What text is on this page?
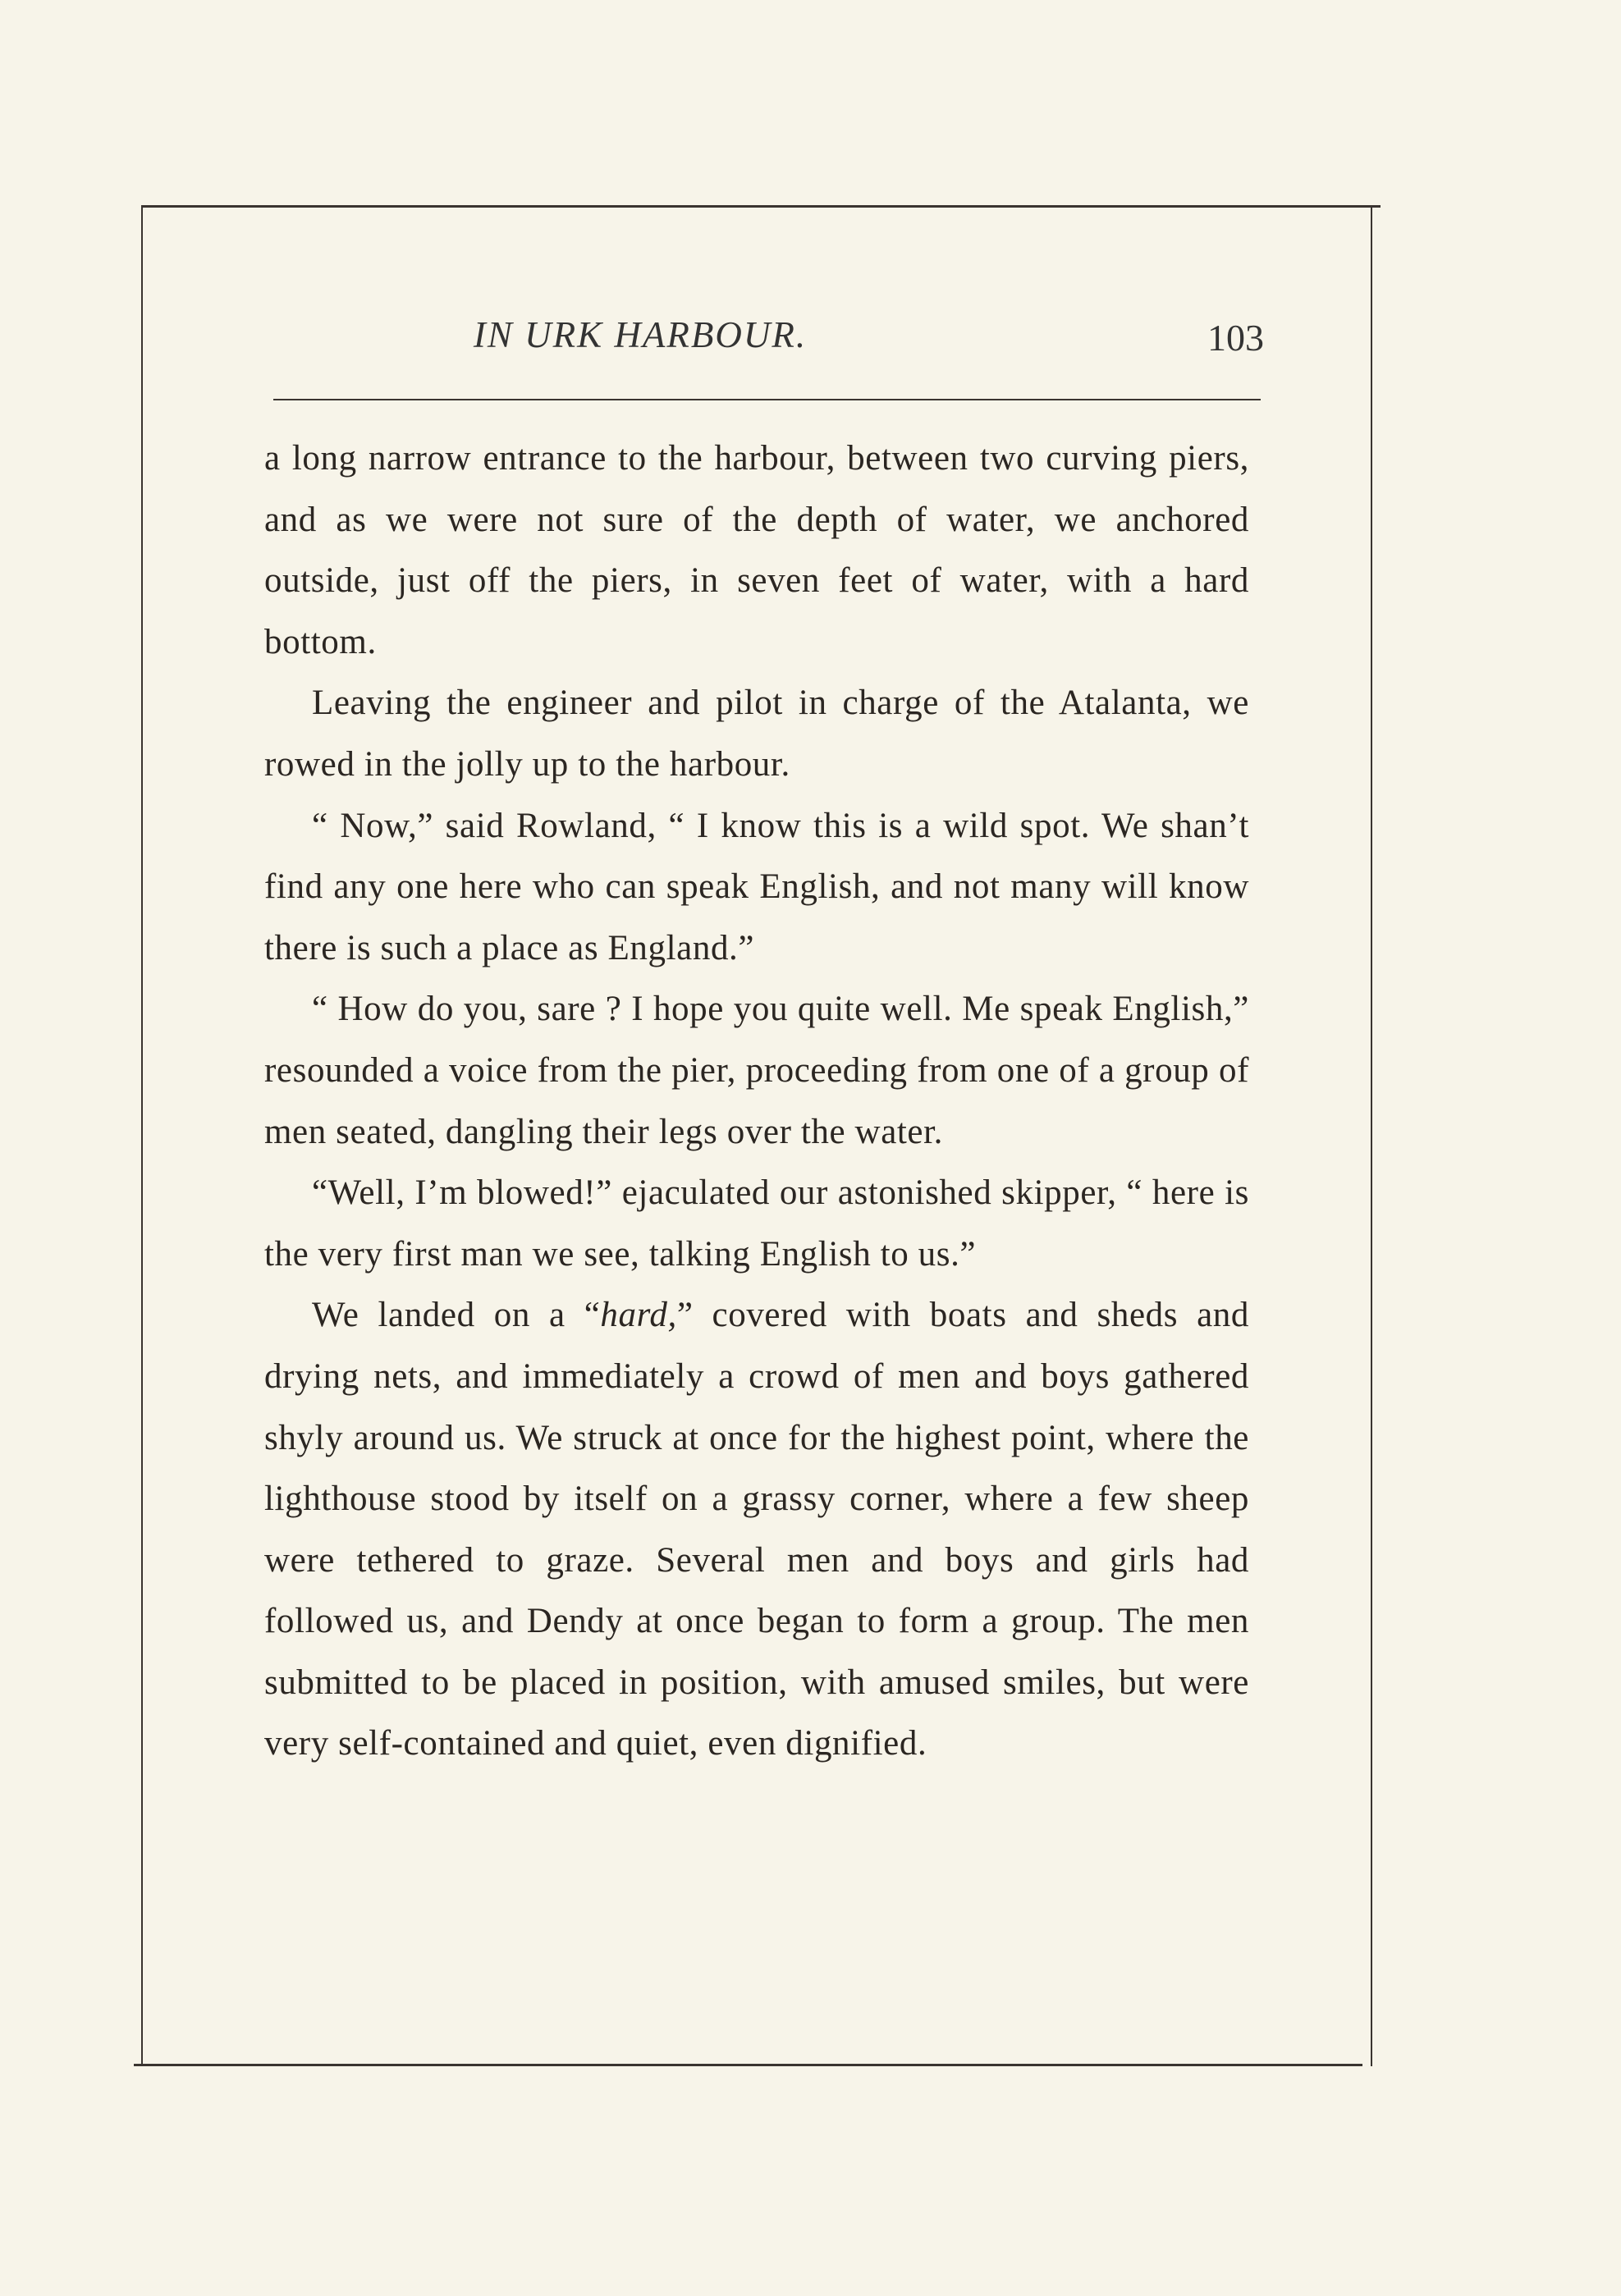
IN URK HARBOUR.	103

a long narrow entrance to the harbour, between two curving piers, and as we were not sure of the depth of water, we anchored outside, just off the piers, in seven feet of water, with a hard bottom.

Leaving the engineer and pilot in charge of the Atalanta, we rowed in the jolly up to the harbour.

“ Now,” said Rowland, “ I know this is a wild spot. We shan’t find any one here who can speak English, and not many will know there is such a place as England.”

“ How do you, sare ? I hope you quite well. Me speak English,” resounded a voice from the pier, proceeding from one of a group of men seated, dangling their legs over the water.

“Well, I’m blowed!” ejaculated our astonished skipper, “ here is the very first man we see, talking English to us.”

We landed on a “hard,” covered with boats and sheds and drying nets, and immediately a crowd of men and boys gathered shyly around us. We struck at once for the highest point, where the lighthouse stood by itself on a grassy corner, where a few sheep were tethered to graze. Several men and boys and girls had followed us, and Dendy at once began to form a group. The men submitted to be placed in position, with amused smiles, but were very self-contained and quiet, even dignified.
